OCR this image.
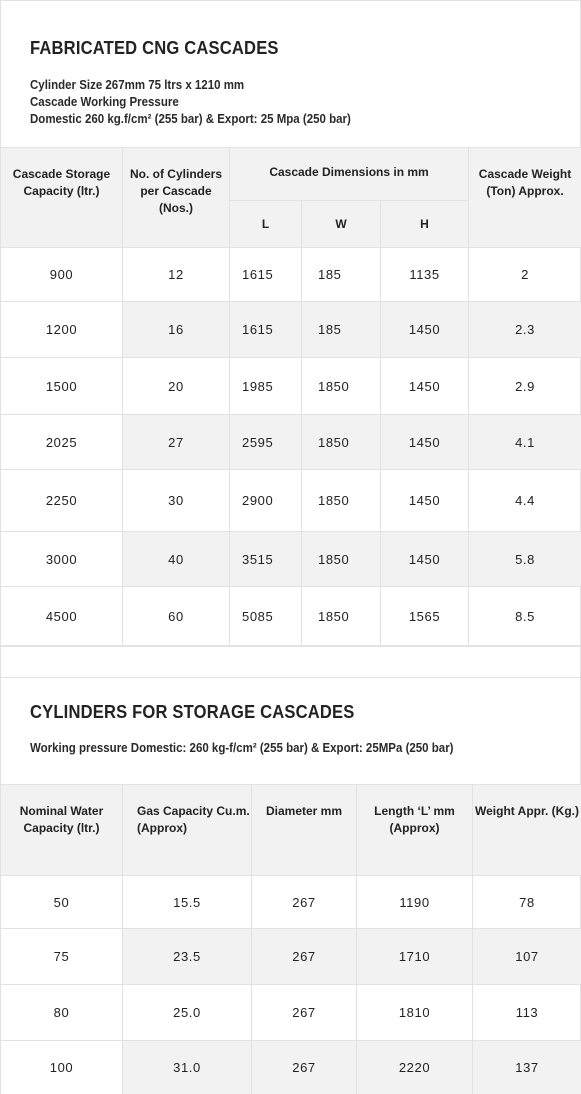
FABRICATED CNG CASCADES
Cylinder Size 267mm 75 ltrs x 1210 mm
Cascade Working Pressure
Domestic 260 kg.f/cm² (255 bar) & Export: 25 Mpa (250 bar)
Cascade Storage Capacity (ltr.)	No. of Cylinders per Cascade (Nos.)	Cascade Dimensions in mm			Cascade Weight (Ton) Approx.
		L	W	H	
900	12	1615	185	1135	2
1200	16	1615	185	1450	2.3
1500	20	1985	1850	1450	2.9
2025	27	2595	1850	1450	4.1
2250	30	2900	1850	1450	4.4
3000	40	3515	1850	1450	5.8
4500	60	5085	1850	1565	8.5
CYLINDERS FOR STORAGE CASCADES
Working pressure Domestic: 260 kg-f/cm² (255 bar) & Export: 25MPa (250 bar)
Nominal Water Capacity (ltr.)	Gas Capacity Cu.m. (Approx)	Diameter mm	Length ‘L’ mm (Approx)	Weight Appr. (Kg.)
50	15.5	267	1190	78
75	23.5	267	1710	107
80	25.0	267	1810	113
100	31.0	267	2220	137
